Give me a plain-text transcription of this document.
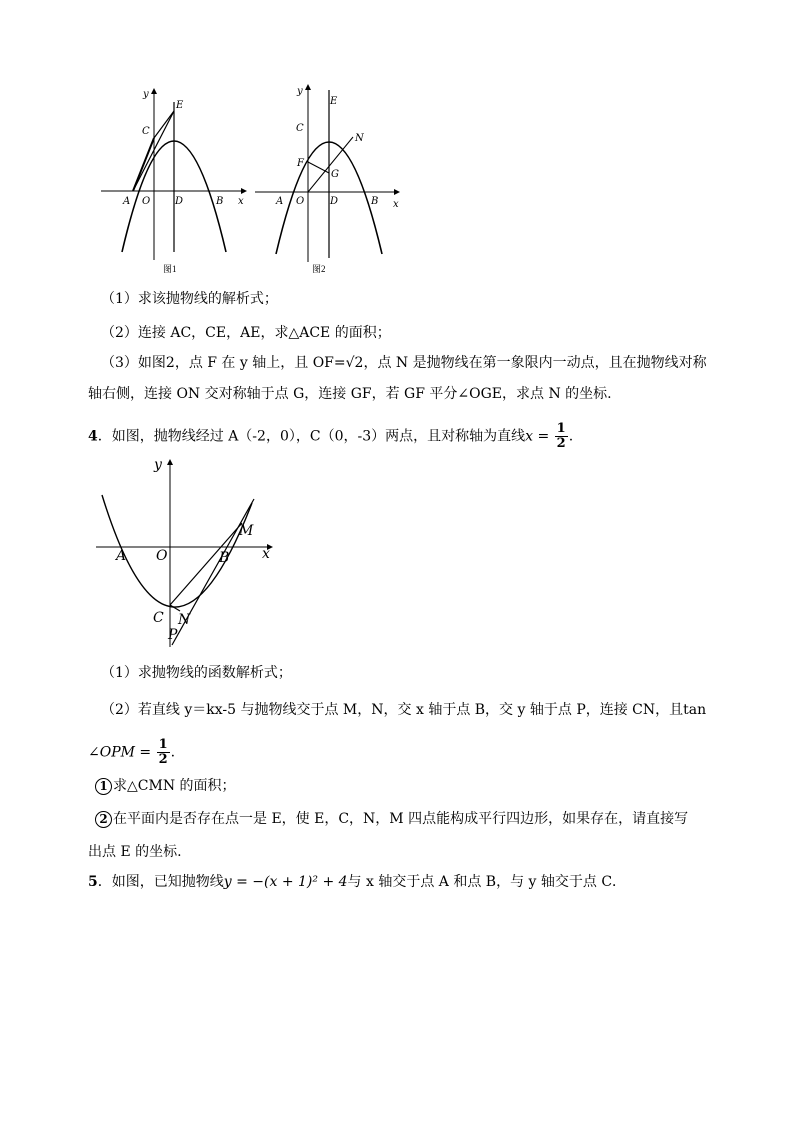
y
E
C
A O D	B x
图1
y
E
C
N
F
G
A O	D	B x
图2
（1）求该抛物线的解析式；
（2）连接 AC，CE，AE，求△ACE 的面积；
（3）如图2，点 F 在 y 轴上，且 OF=√2，点 N 是抛物线在第一象限内一动点，且在抛物线对称
轴右侧，连接 ON 交对称轴于点 G，连接 GF，若 GF 平分∠OGE，求点 N 的坐标.
4．如图，抛物线经过 A（-2，0），C（0，-3）两点，且对称轴为直线$x = \frac{1}{2}$ .
y
A O	B x
M
C N
P
（1）求抛物线的函数解析式；
（2）若直线 y＝kx-5 与抛物线交于点 M，N，交 x 轴于点 B，交 y 轴于点 P，连接 CN，且tan
∠OPM = $\frac{1}{2}$ .
1 求△CMN 的面积；
2 在平面内是否存在点一是 E，使 E，C，N，M 四点能构成平行四边形，如果存在，请直接写
出点 E 的坐标.
5．如图，已知抛物线y = −(x + 1)² + 4与 x 轴交于点 A 和点 B，与 y 轴交于点 C．
